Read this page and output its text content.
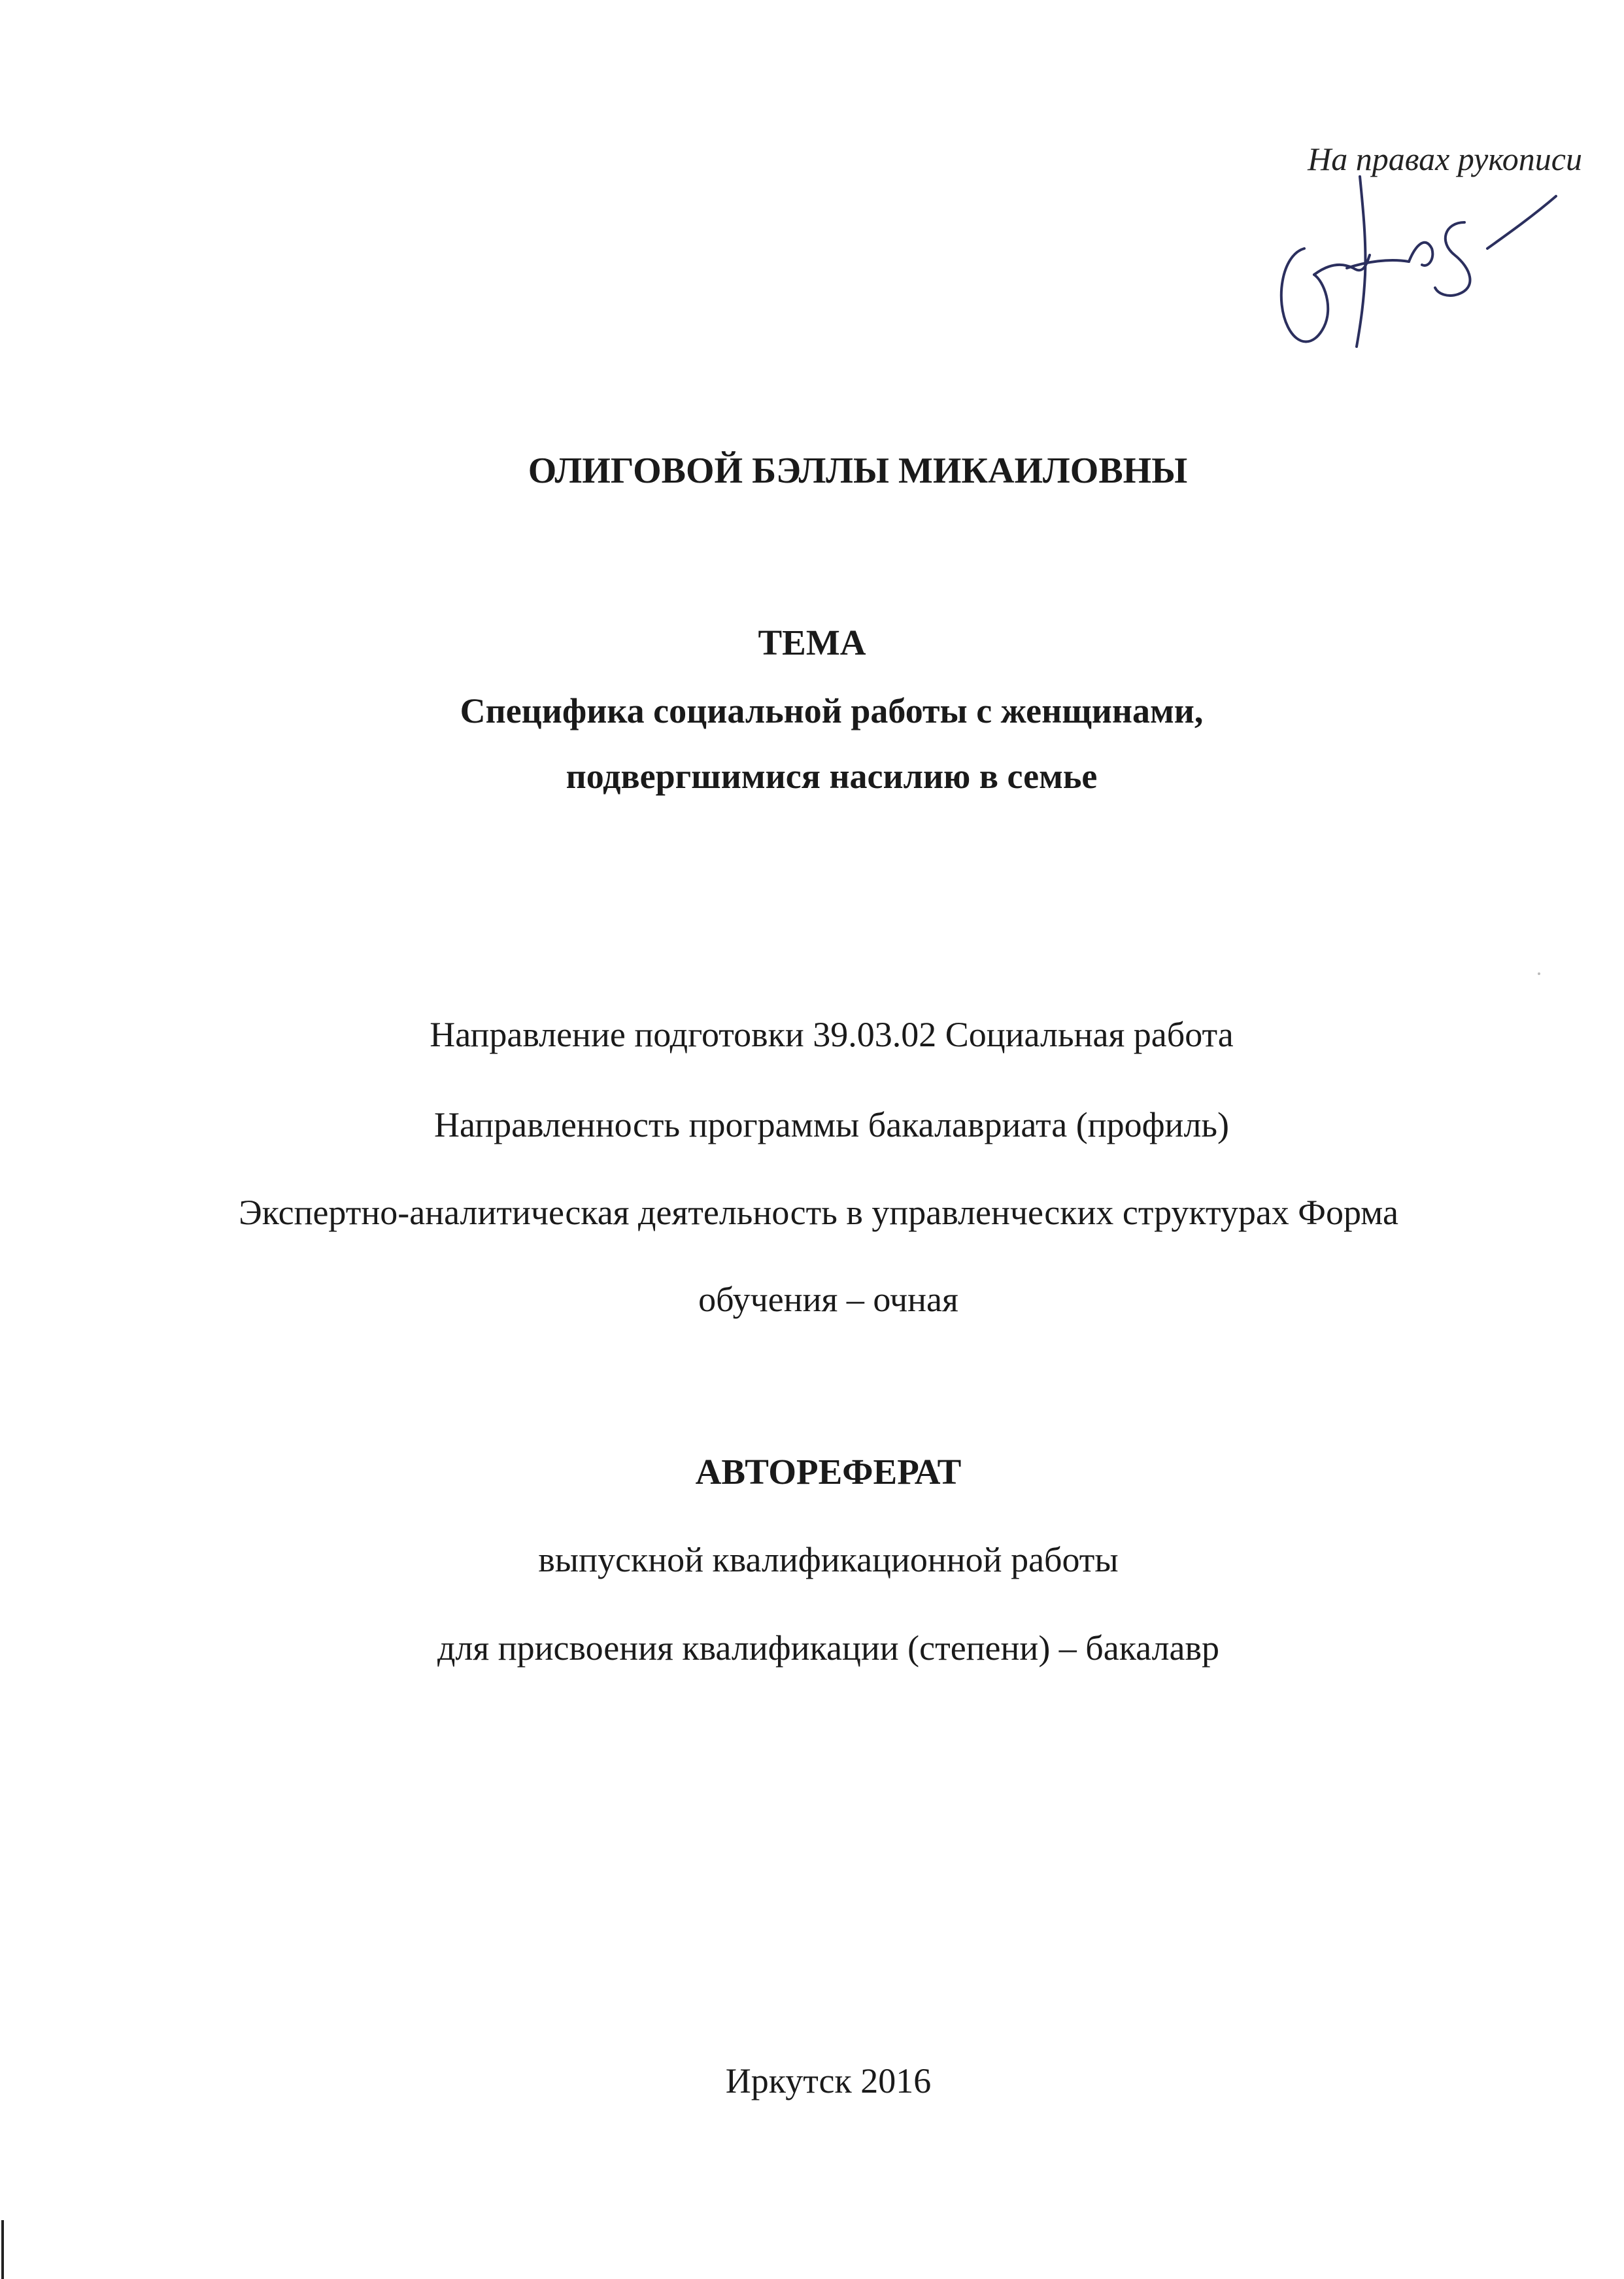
На правах рукописи
ОЛИГОВОЙ БЭЛЛЫ МИКАИЛОВНЫ
ТЕМА
Специфика социальной работы с женщинами,
подвергшимися насилию в семье
Направление подготовки 39.03.02 Социальная работа
Направленность программы бакалавриата (профиль)
Экспертно-аналитическая деятельность в управленческих структурах Форма
обучения – очная
АВТОРЕФЕРАТ
выпускной квалификационной работы
для присвоения квалификации (степени) – бакалавр
Иркутск 2016
